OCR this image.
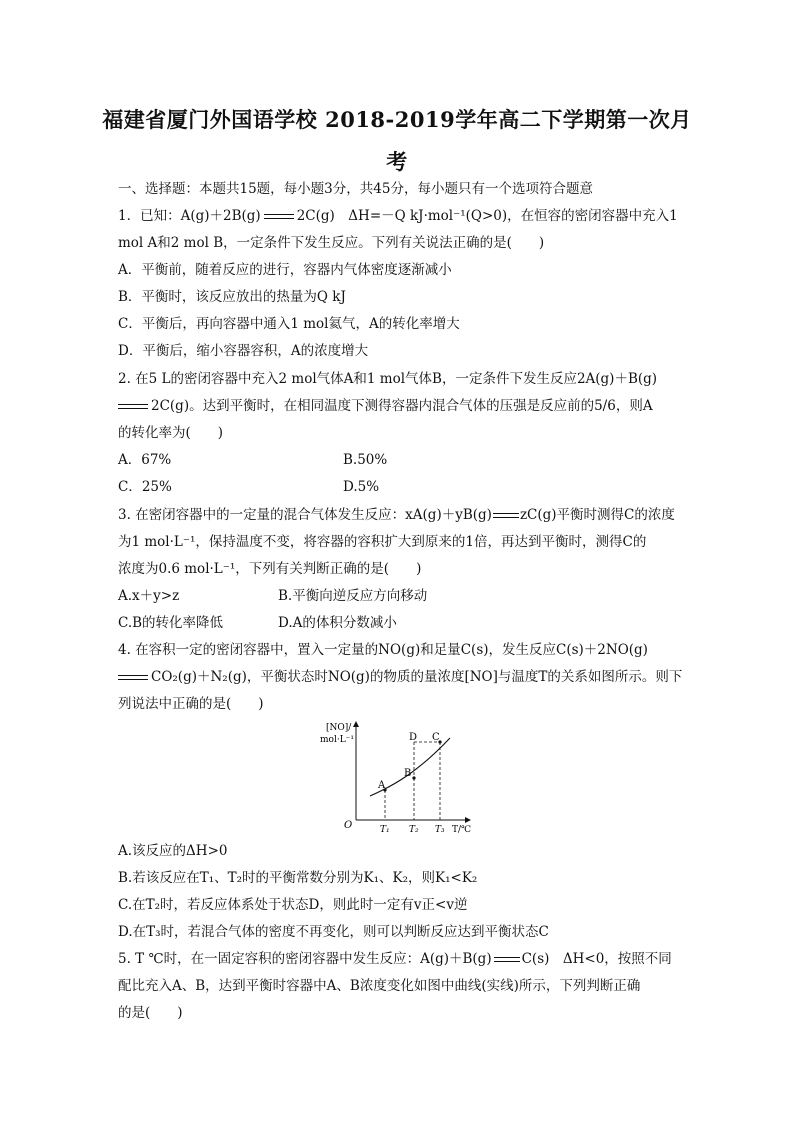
福建省厦门外国语学校 2018-2019学年高二下学期第一次月
考
一、选择题：本题共15题，每小题3分，共45分，每小题只有一个选项符合题意
1．已知：A(g)＋2B(g)	2C(g)　ΔH=－Q kJ·mol⁻¹(Q>0)，在恒容的密闭容器中充入1
mol A和2 mol B，一定条件下发生反应。下列有关说法正确的是(　　)
A．平衡前，随着反应的进行，容器内气体密度逐渐减小
B．平衡时，该反应放出的热量为Q kJ
C．平衡后，再向容器中通入1 mol氦气，A的转化率增大
D．平衡后，缩小容器容积，A的浓度增大
2. 在5 L的密闭容器中充入2 mol气体A和1 mol气体B，一定条件下发生反应2A(g)＋B(g)
2C(g)。达到平衡时，在相同温度下测得容器内混合气体的压强是反应前的5/6，则A
的转化率为(　　)
A．67%	B.50%
C．25%	D.5%
3. 在密闭容器中的一定量的混合气体发生反应：xA(g)＋yB(g) zC(g)平衡时测得C的浓度
为1 mol·L⁻¹，保持温度不变，将容器的容积扩大到原来的1倍，再达到平衡时，测得C的
浓度为0.6 mol·L⁻¹，下列有关判断正确的是(　　)
A.x＋y>z	B.平衡向逆反应方向移动
C.B的转化率降低	D.A的体积分数减小
4. 在容积一定的密闭容器中，置入一定量的NO(g)和足量C(s)，发生反应C(s)＋2NO(g)
CO₂(g)＋N₂(g)，平衡状态时NO(g)的物质的量浓度[NO]与温度T的关系如图所示。则下
列说法中正确的是(　　)
[NO]/
mol·L⁻¹
O
A
B
D C
T₁ T₂ T₃ T/℃
A.该反应的ΔH>0
B.若该反应在T₁、T₂时的平衡常数分别为K₁、K₂，则K₁<K₂
C.在T₂时，若反应体系处于状态D，则此时一定有v正<v逆
D.在T₃时，若混合气体的密度不再变化，则可以判断反应达到平衡状态C
5. T ℃时，在一固定容积的密闭容器中发生反应：A(g)＋B(g) C(s)　ΔH<0，按照不同
配比充入A、B，达到平衡时容器中A、B浓度变化如图中曲线(实线)所示，下列判断正确
的是(　　)
